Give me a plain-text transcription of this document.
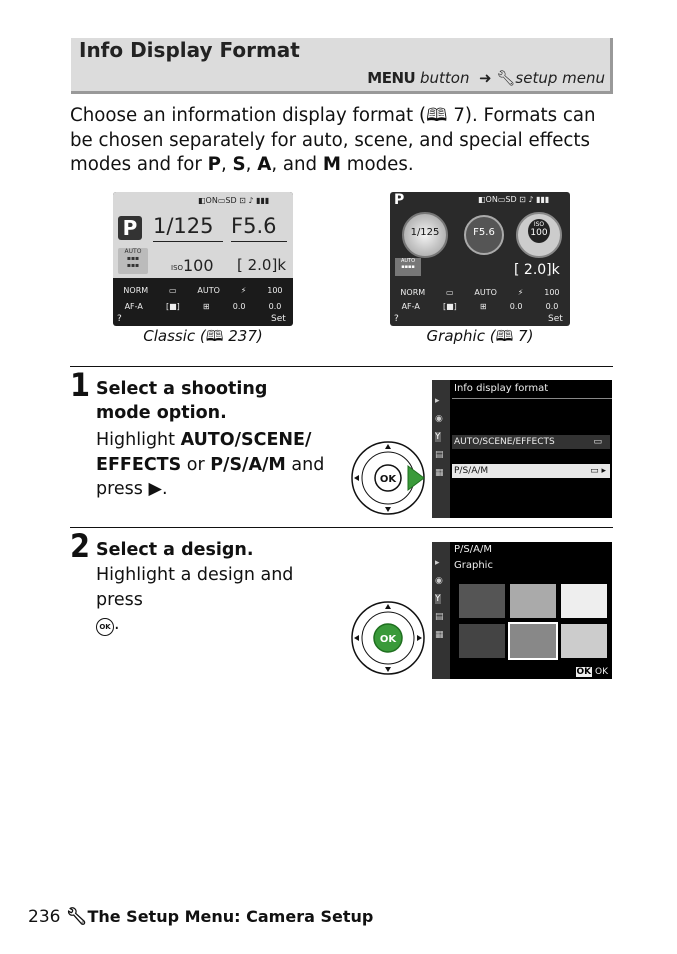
Info Display Format
MENU button ➜ 🔧︎setup menu
Choose an information display format (🕮 7). Formats can be chosen separately for auto, scene, and special effects modes and for P, S, A, and M modes.
◧ON▭SD ⊡ ♪ ▮▮▮
P 1/125 F5.6
AUTO
▪▪▪
▪▪▪	ISO 100 [ 2.0]k
NORM	▭	AUTO	⚡	100
AF-A	[■]	⊞	0.0	0.0
?	Set
P	◧ON▭SD ⊡ ♪ ▮▮▮
1/125	F5.6
ISO
100
AUTO
▪▪▪▪	[ 2.0]k
NORM	▭	AUTO	⚡	100
AF-A	[■]	⊞	0.0	0.0
?	Set
Classic (🕮 237)	Graphic (🕮 7)
1 Select a shooting mode option.
Highlight AUTO/SCENE/ EFFECTS or P/S/A/M and press ▶.	OK
▸
◉
Y
▤
▦
Info display format
AUTO/SCENE/EFFECTS	▭
P/S/A/M	▭ ▸
2 Select a design.
Highlight a design and press
OK .
OK
▸
◉
Y
▤
▦
P/S/A/M
Graphic
OK OK
236 🔧︎The Setup Menu: Camera Setup
